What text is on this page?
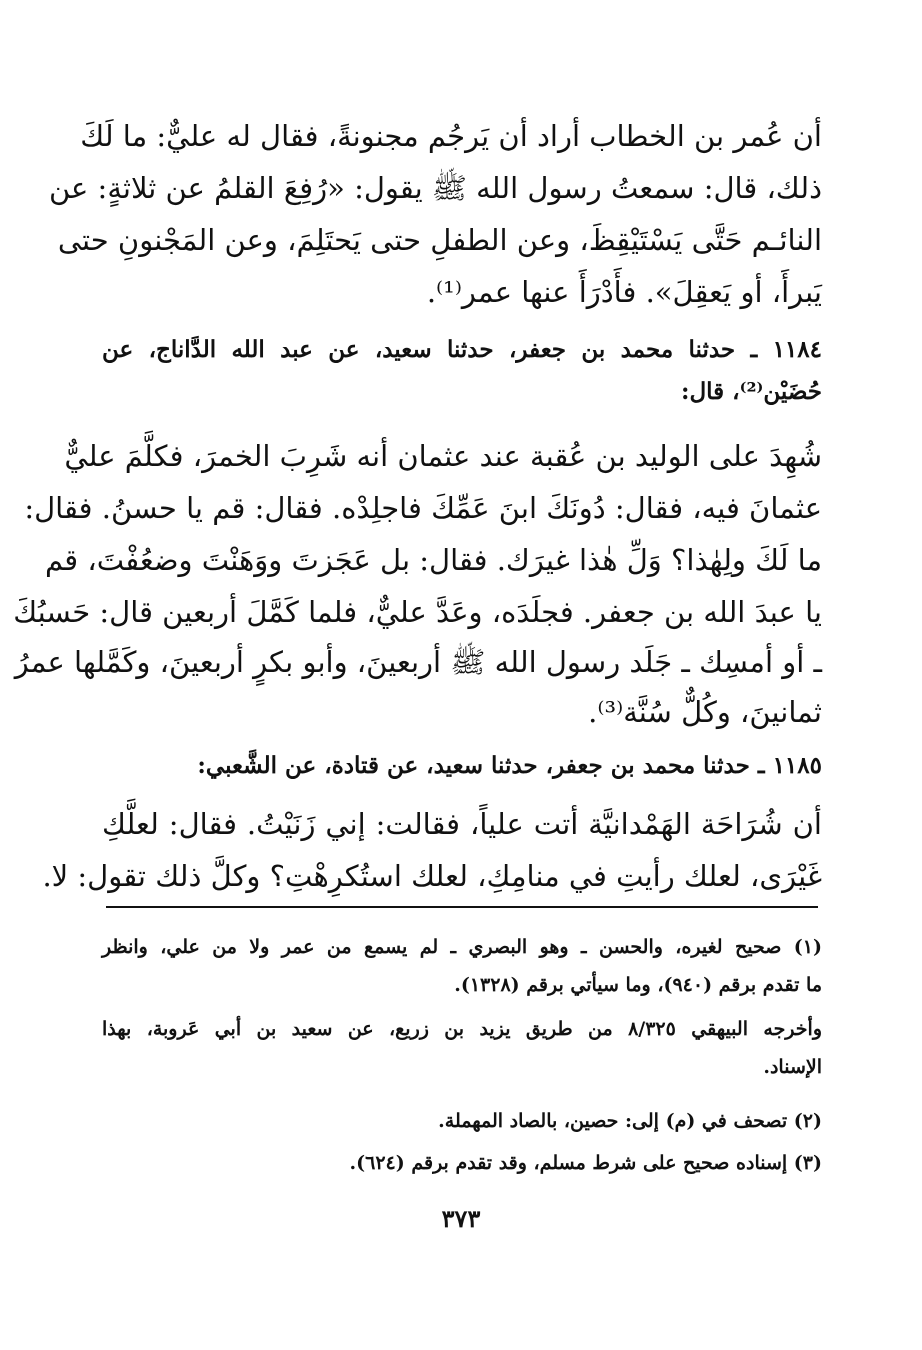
أن عُمر بن الخطاب أراد أن يَرجُم مجنونةً، فقال له عليٌّ: ما لَكَ
ذلك، قال: سمعتُ رسول الله ﷺ يقول: «رُفِعَ القلمُ عن ثلاثةٍ: عن
النائـم حَتَّى يَسْتَيْقِظَ، وعن الطفلِ حتى يَحتَلِمَ، وعن المَجْنونِ حتى
يَبرأَ، أو يَعقِلَ». فأَدْرَأَ عنها عمر⁽¹⁾.
١١٨٤ ـ حدثنا محمد بن جعفر، حدثنا سعيد، عن عبد الله الدَّاناج، عن
حُضَيْن⁽²⁾، قال:
شُهِدَ على الوليد بن عُقبة عند عثمان أنه شَرِبَ الخمرَ، فكلَّمَ عليٌّ
عثمانَ فيه، فقال: دُونَكَ ابنَ عَمِّكَ فاجلِدْه. فقال: قم يا حسنُ. فقال:
ما لَكَ ولِهٰذا؟ وَلِّ هٰذا غيرَك. فقال: بل عَجَزتَ ووَهَنْتَ وضعُفْتَ، قم
يا عبدَ الله بن جعفر. فجلَدَه، وعَدَّ عليٌّ، فلما كَمَّلَ أربعين قال: حَسبُكَ
ـ أو أمسِك ـ جَلَد رسول الله ﷺ أربعينَ، وأبو بكرٍ أربعينَ، وكَمَّلها عمرُ
ثمانينَ، وكُلٌّ سُنَّة⁽³⁾.
١١٨٥ ـ حدثنا محمد بن جعفر، حدثنا سعيد، عن قتادة، عن الشَّعبي:
أن شُرَاحَة الهَمْدانيَّة أتت علياً، فقالت: إني زَنَيْتُ. فقال: لعلَّكِ
غَيْرَى، لعلك رأيتِ في منامِكِ، لعلك استُكرِهْتِ؟ وكلَّ ذلك تقول: لا.
(١) صحيح لغيره، والحسن ـ وهو البصري ـ لم يسمع من عمر ولا من علي، وانظر
ما تقدم برقم (٩٤٠)، وما سيأتي برقم (١٣٢٨).
وأخرجه البيهقي ٨/٣٢٥ من طريق يزيد بن زريع، عن سعيد بن أبي عَروبة، بهذا
الإسناد.
(٢) تصحف في (م) إلى: حصين، بالصاد المهملة.
(٣) إسناده صحيح على شرط مسلم، وقد تقدم برقم (٦٢٤).
٣٧٣
